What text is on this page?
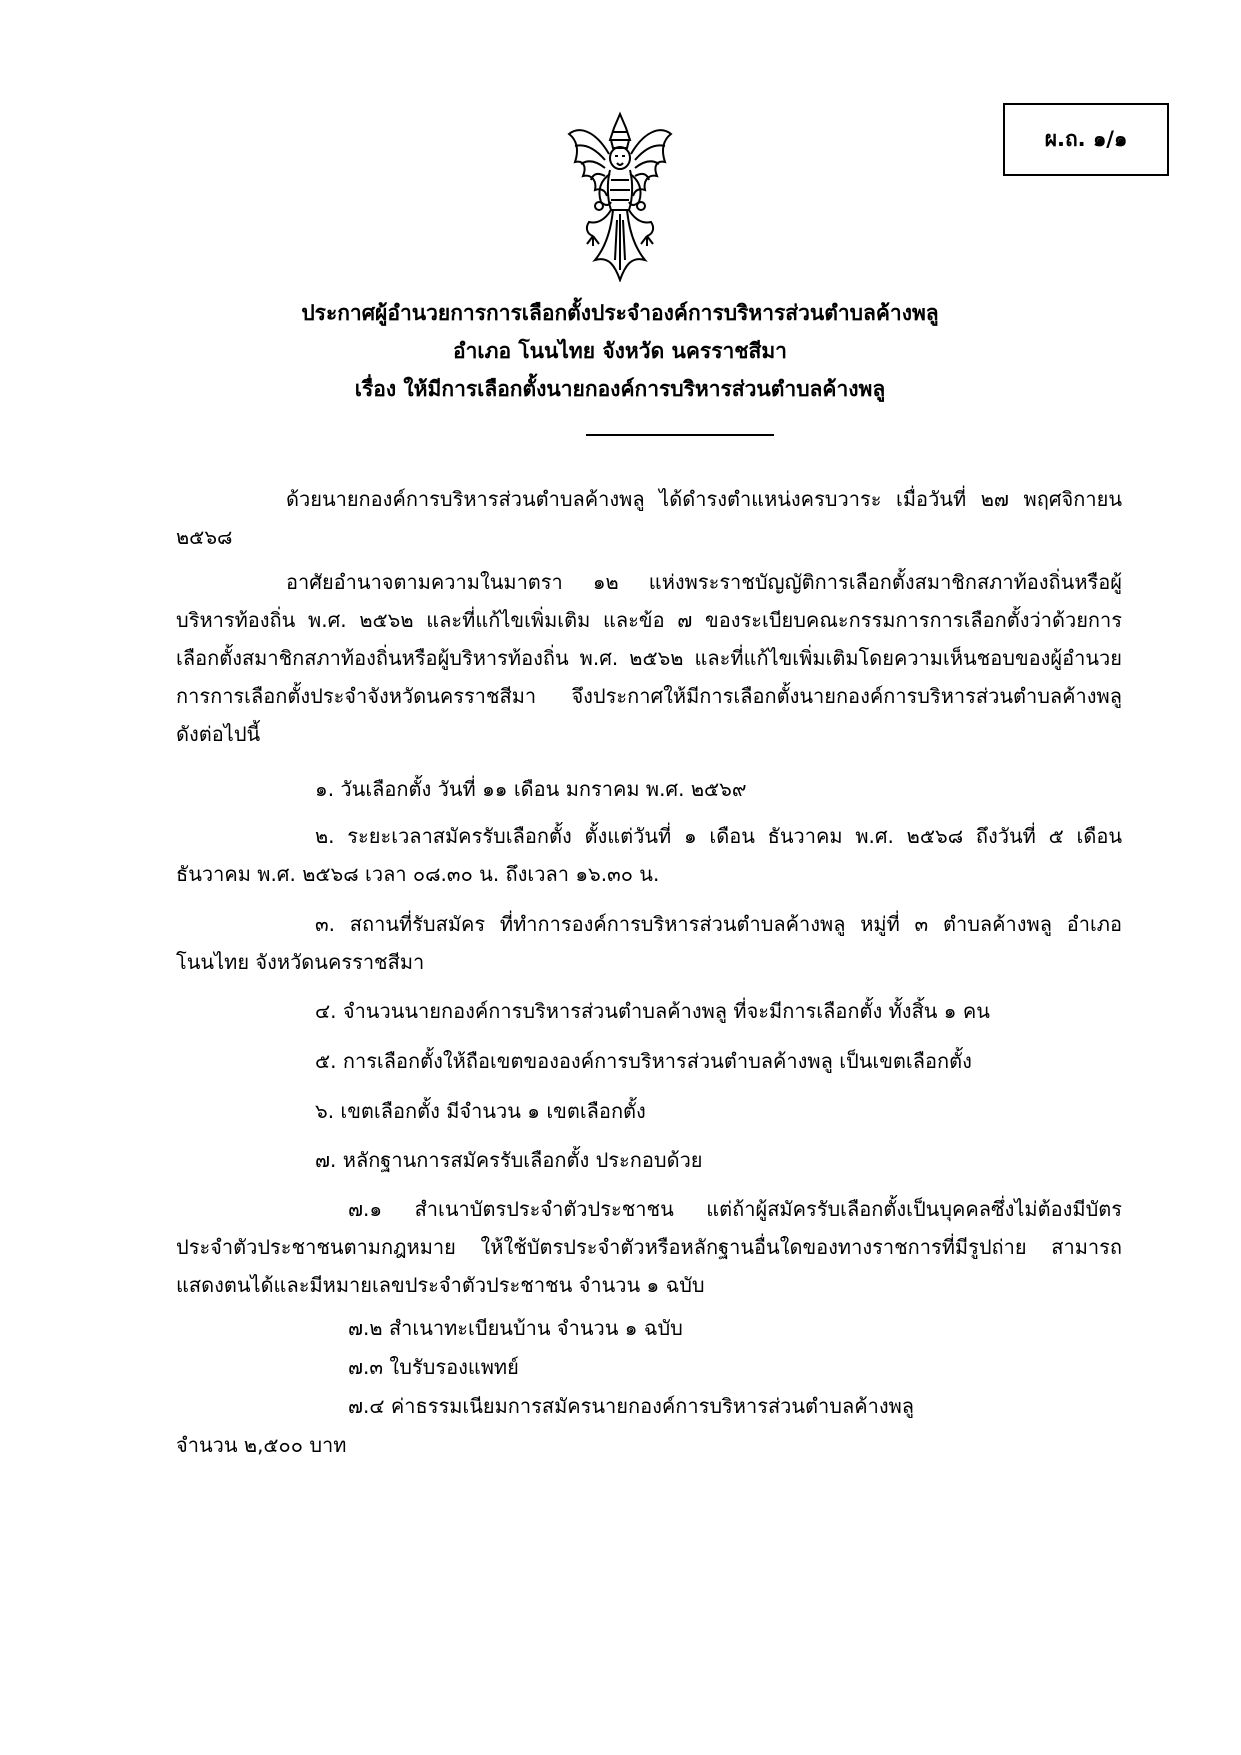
ผ.ถ. ๑/๑
ประกาศผู้อำนวยการการเลือกตั้งประจำองค์การบริหารส่วนตำบลค้างพลู
อำเภอ โนนไทย จังหวัด นครราชสีมา
เรื่อง ให้มีการเลือกตั้งนายกองค์การบริหารส่วนตำบลค้างพลู
ด้วยนายกองค์การบริหารส่วนตำบลค้างพลู ได้ดำรงตำแหน่งครบวาระ เมื่อวันที่ ๒๗ พฤศจิกายน ๒๕๖๘
อาศัยอำนาจตามความในมาตรา ๑๒ แห่งพระราชบัญญัติการเลือกตั้งสมาชิกสภาท้องถิ่นหรือผู้บริหารท้องถิ่น พ.ศ. ๒๕๖๒ และที่แก้ไขเพิ่มเติม และข้อ ๗ ของระเบียบคณะกรรมการการเลือกตั้งว่าด้วยการเลือกตั้งสมาชิกสภาท้องถิ่นหรือผู้บริหารท้องถิ่น พ.ศ. ๒๕๖๒ และที่แก้ไขเพิ่มเติมโดยความเห็นชอบของผู้อำนวยการการเลือกตั้งประจำจังหวัดนครราชสีมา จึงประกาศให้มีการเลือกตั้งนายกองค์การบริหารส่วนตำบลค้างพลู ดังต่อไปนี้
๑. วันเลือกตั้ง วันที่ ๑๑ เดือน มกราคม พ.ศ. ๒๕๖๙
๒. ระยะเวลาสมัครรับเลือกตั้ง ตั้งแต่วันที่ ๑ เดือน ธันวาคม พ.ศ. ๒๕๖๘ ถึงวันที่ ๕ เดือน ธันวาคม พ.ศ. ๒๕๖๘ เวลา ๐๘.๓๐ น. ถึงเวลา ๑๖.๓๐ น.
๓. สถานที่รับสมัคร ที่ทำการองค์การบริหารส่วนตำบลค้างพลู หมู่ที่ ๓ ตำบลค้างพลู อำเภอโนนไทย จังหวัดนครราชสีมา
๔. จำนวนนายกองค์การบริหารส่วนตำบลค้างพลู ที่จะมีการเลือกตั้ง ทั้งสิ้น ๑ คน
๕. การเลือกตั้งให้ถือเขตขององค์การบริหารส่วนตำบลค้างพลู เป็นเขตเลือกตั้ง
๖. เขตเลือกตั้ง มีจำนวน ๑ เขตเลือกตั้ง
๗. หลักฐานการสมัครรับเลือกตั้ง ประกอบด้วย
๗.๑ สำเนาบัตรประจำตัวประชาชน แต่ถ้าผู้สมัครรับเลือกตั้งเป็นบุคคลซึ่งไม่ต้องมีบัตรประจำตัวประชาชนตามกฎหมาย ให้ใช้บัตรประจำตัวหรือหลักฐานอื่นใดของทางราชการที่มีรูปถ่าย สามารถแสดงตนได้และมีหมายเลขประจำตัวประชาชน จำนวน ๑ ฉบับ
๗.๒ สำเนาทะเบียนบ้าน จำนวน ๑ ฉบับ
๗.๓ ใบรับรองแพทย์
๗.๔ ค่าธรรมเนียมการสมัครนายกองค์การบริหารส่วนตำบลค้างพลู
จำนวน ๒,๕๐๐ บาท
